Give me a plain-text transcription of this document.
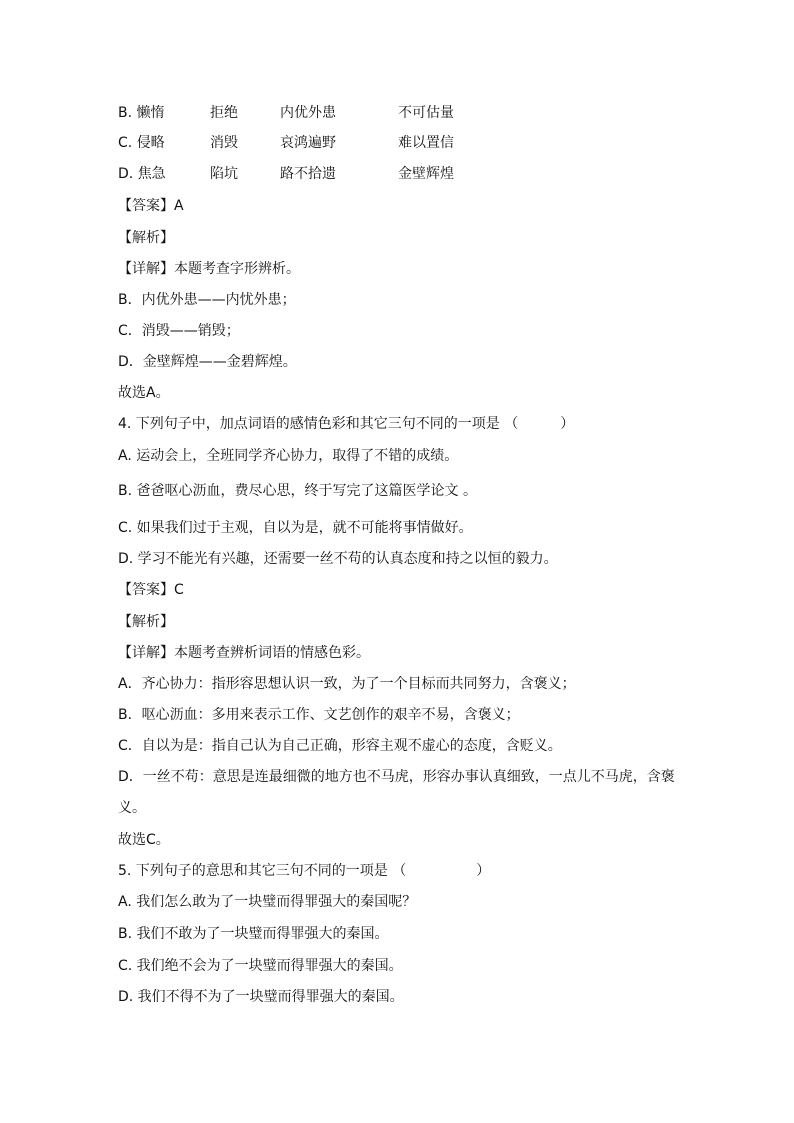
B. 懒惰	拒绝	内优外患	不可估量
C. 侵略	消毁	哀鸿遍野	难以置信
D. 焦急	陷坑	路不拾遗	金壁辉煌
【答案】A
【解析】
【详解】本题考查字形辨析。
B．内优外患——内忧外患；
C．消毁——销毁；
D．金壁辉煌——金碧辉煌。
故选A。
4. 下列句子中，加点词语的感情色彩和其它三句不同的一项是 （　　　）
A. 运动会上，全班同学齐心协力，取得了不错的成绩。
B. 爸爸呕心沥血，费尽心思，终于写完了这篇医学论文 。
C. 如果我们过于主观，自以为是，就不可能将事情做好。
D. 学习不能光有兴趣，还需要一丝不苟的认真态度和持之以恒的毅力。
【答案】C
【解析】
【详解】本题考查辨析词语的情感色彩。
A．齐心协力：指形容思想认识一致，为了一个目标而共同努力，含褒义；
B．呕心沥血：多用来表示工作、文艺创作的艰辛不易，含褒义；
C．自以为是：指自己认为自己正确，形容主观不虚心的态度，含贬义。
D．一丝不苟：意思是连最细微的地方也不马虎，形容办事认真细致，一点儿不马虎，含褒
义。
故选C。
5. 下列句子的意思和其它三句不同的一项是 （　　　　　）
A. 我们怎么敢为了一块璧而得罪强大的秦国呢？
B. 我们不敢为了一块璧而得罪强大的秦国。
C. 我们绝不会为了一块璧而得罪强大的秦国。
D. 我们不得不为了一块璧而得罪强大的秦国。
